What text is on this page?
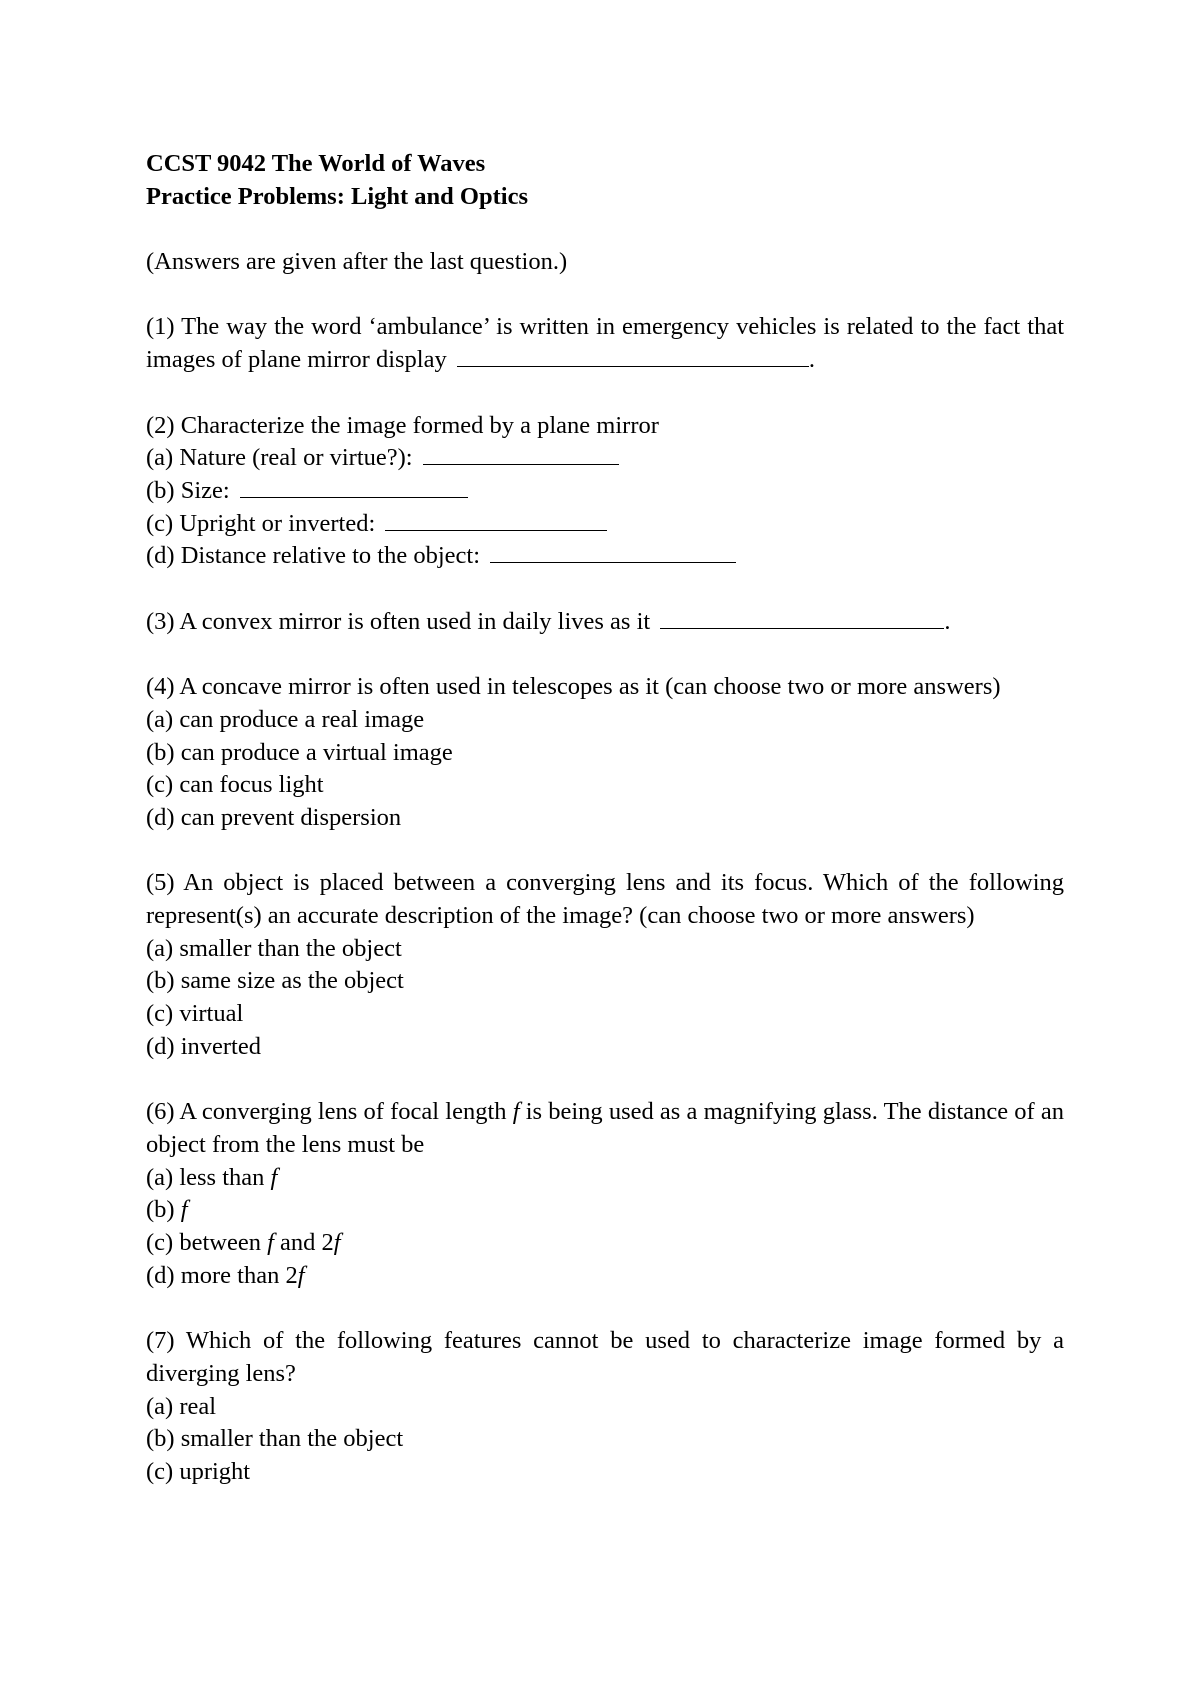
CCST 9042 The World of Waves
Practice Problems: Light and Optics
(Answers are given after the last question.)
(1) The way the word ‘ambulance’ is written in emergency vehicles is related to the fact that images of plane mirror display	.
(2) Characterize the image formed by a plane mirror
(a) Nature (real or virtue?):
(b) Size:
(c) Upright or inverted:
(d) Distance relative to the object:
(3) A convex mirror is often used in daily lives as it	.
(4) A concave mirror is often used in telescopes as it (can choose two or more answers)
(a) can produce a real image
(b) can produce a virtual image
(c) can focus light
(d) can prevent dispersion
(5) An object is placed between a converging lens and its focus. Which of the following represent(s) an accurate description of the image? (can choose two or more answers)
(a) smaller than the object
(b) same size as the object
(c) virtual
(d) inverted
(6) A converging lens of focal length f is being used as a magnifying glass. The distance of an object from the lens must be
(a) less than f
(b) f
(c) between f and 2f
(d) more than 2f
(7) Which of the following features cannot be used to characterize image formed by a diverging lens?
(a) real
(b) smaller than the object
(c) upright
